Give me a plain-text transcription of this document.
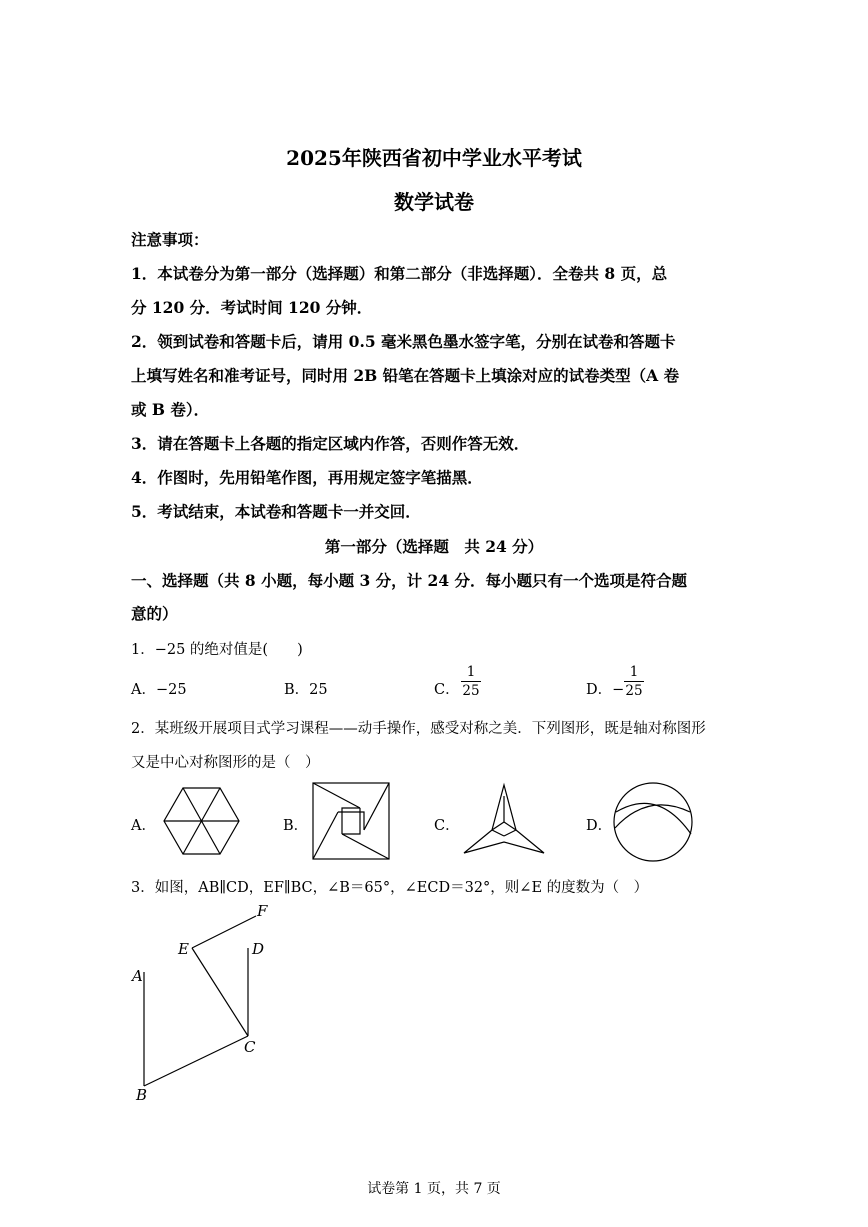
2025年陕西省初中学业水平考试
数学试卷
注意事项：
1．本试卷分为第一部分（选择题）和第二部分（非选择题）．全卷共 8 页，总
分 120 分．考试时间 120 分钟．
2．领到试卷和答题卡后，请用 0.5 毫米黑色墨水签字笔，分别在试卷和答题卡
上填写姓名和准考证号，同时用 2B 铅笔在答题卡上填涂对应的试卷类型（A 卷
或 B 卷）．
3．请在答题卡上各题的指定区域内作答，否则作答无效．
4．作图时，先用铅笔作图，再用规定签字笔描黑．
5．考试结束，本试卷和答题卡一并交回．
第一部分（选择题　共 24 分）
一、选择题（共 8 小题，每小题 3 分，计 24 分．每小题只有一个选项是符合题
意的）
1．−25 的绝对值是(　　)
A．−25	B．25	C．
1
25	D．−
1
25
2．某班级开展项目式学习课程——动手操作，感受对称之美．下列图形，既是轴对称图形
又是中心对称图形的是（　）
A．	B．	C．	D．
3．如图，AB∥CD，EF∥BC，∠B＝65°，∠ECD＝32°，则∠E 的度数为（　）
A
B
C
D
E
F
试卷第 1 页，共 7 页
